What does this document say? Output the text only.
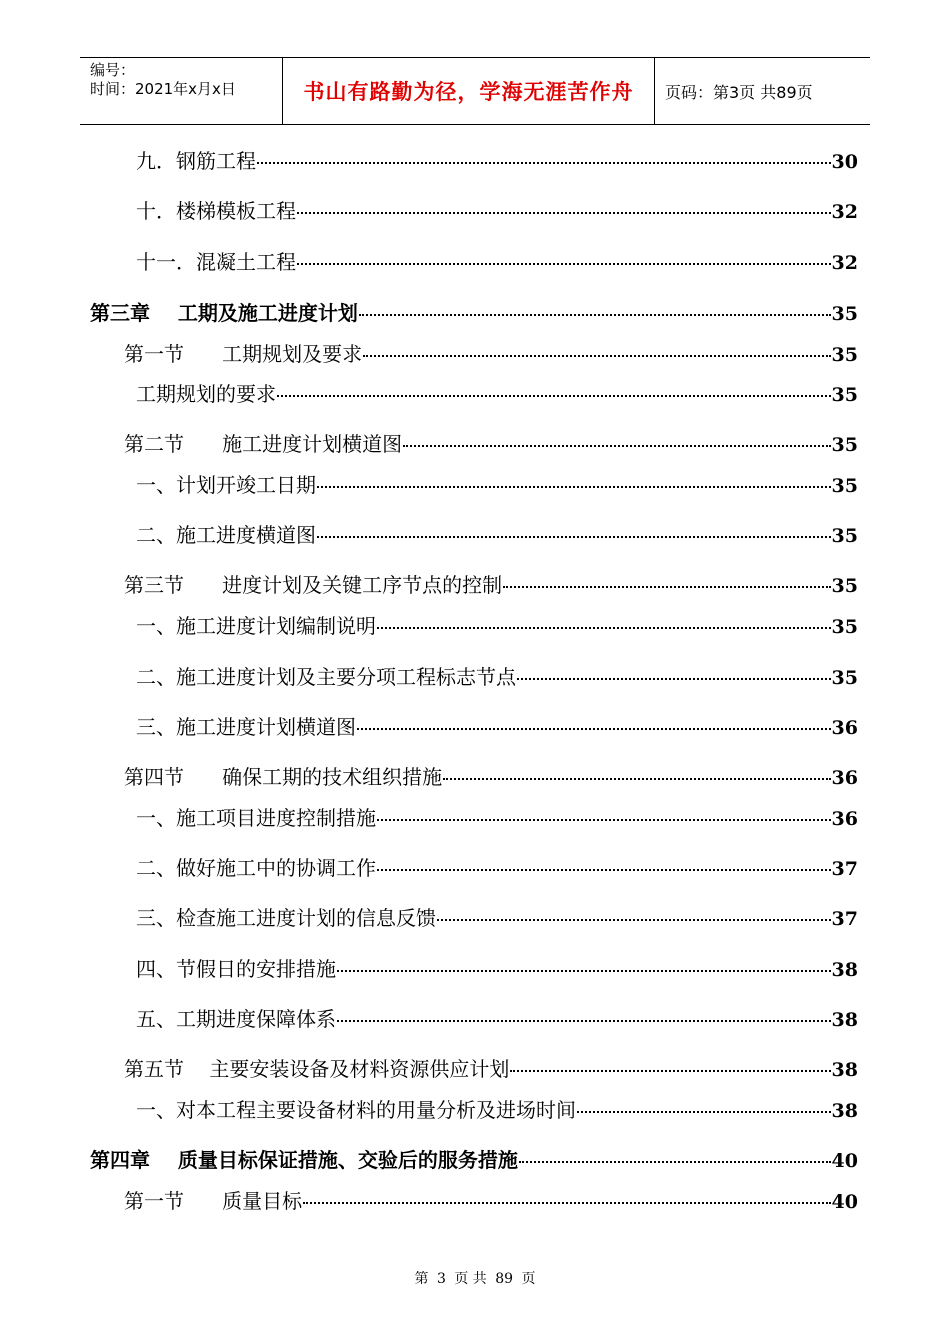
编号：
时间：2021年x月x日	书山有路勤为径，学海无涯苦作舟 页码：第3页 共89页
九．钢筋工程	30
十．楼梯模板工程	32
十一．混凝土工程	32
第三章    工期及施工进度计划	35
第一节      工期规划及要求	35
工期规划的要求	35
第二节      施工进度计划横道图	35
一、计划开竣工日期	35
二、施工进度横道图	35
第三节      进度计划及关键工序节点的控制	35
一、施工进度计划编制说明	35
二、施工进度计划及主要分项工程标志节点	35
三、施工进度计划横道图	36
第四节      确保工期的技术组织措施	36
一、施工项目进度控制措施	36
二、做好施工中的协调工作	37
三、检查施工进度计划的信息反馈	37
四、节假日的安排措施	38
五、工期进度保障体系	38
第五节    主要安装设备及材料资源供应计划	38
一、对本工程主要设备材料的用量分析及进场时间	38
第四章    质量目标保证措施、交验后的服务措施	40
第一节      质量目标	40
第 3 页 共 89 页
